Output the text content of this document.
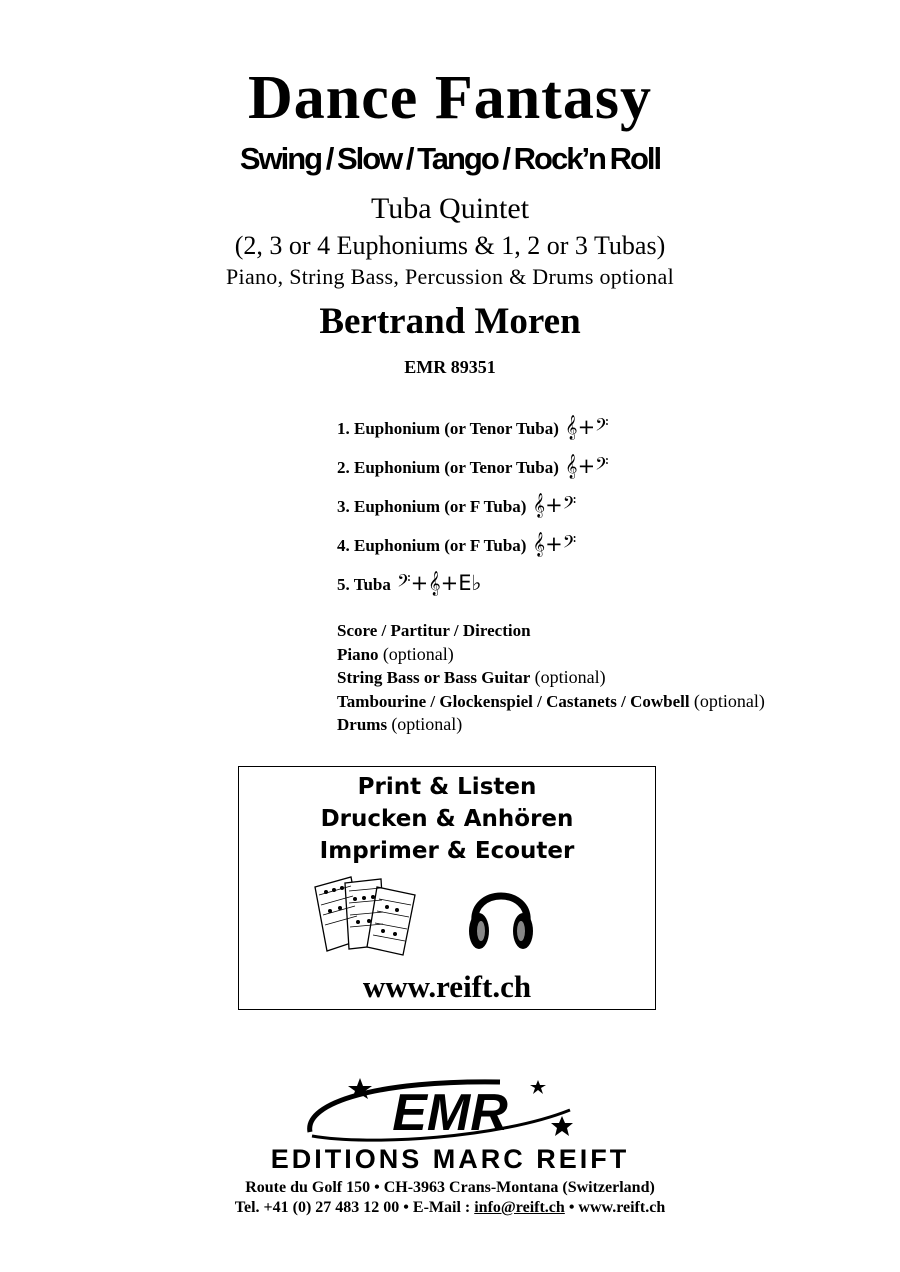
Dance Fantasy
Swing / Slow / Tango / Rock’n Roll
Tuba Quintet
(2, 3 or 4 Euphoniums & 1, 2 or 3 Tubas)
Piano, String Bass, Percussion & Drums optional
Bertrand Moren
EMR 89351
1. Euphonium (or Tenor Tuba) 𝄞+𝄢
2. Euphonium (or Tenor Tuba) 𝄞+𝄢
3. Euphonium (or F Tuba) 𝄞+𝄢
4. Euphonium (or F Tuba) 𝄞+𝄢
5. Tuba 𝄢+𝄞+E♭
Score / Partitur / Direction
Piano (optional)
String Bass or Bass Guitar (optional)
Tambourine / Glockenspiel / Castanets / Cowbell (optional)
Drums (optional)
Print & Listen
Drucken & Anhören
Imprimer & Ecouter
www.reift.ch
EMR
EDITIONS MARC REIFT
Route du Golf 150 • CH-3963 Crans-Montana (Switzerland)
Tel. +41 (0) 27 483 12 00 • E-Mail : info@reift.ch • www.reift.ch
